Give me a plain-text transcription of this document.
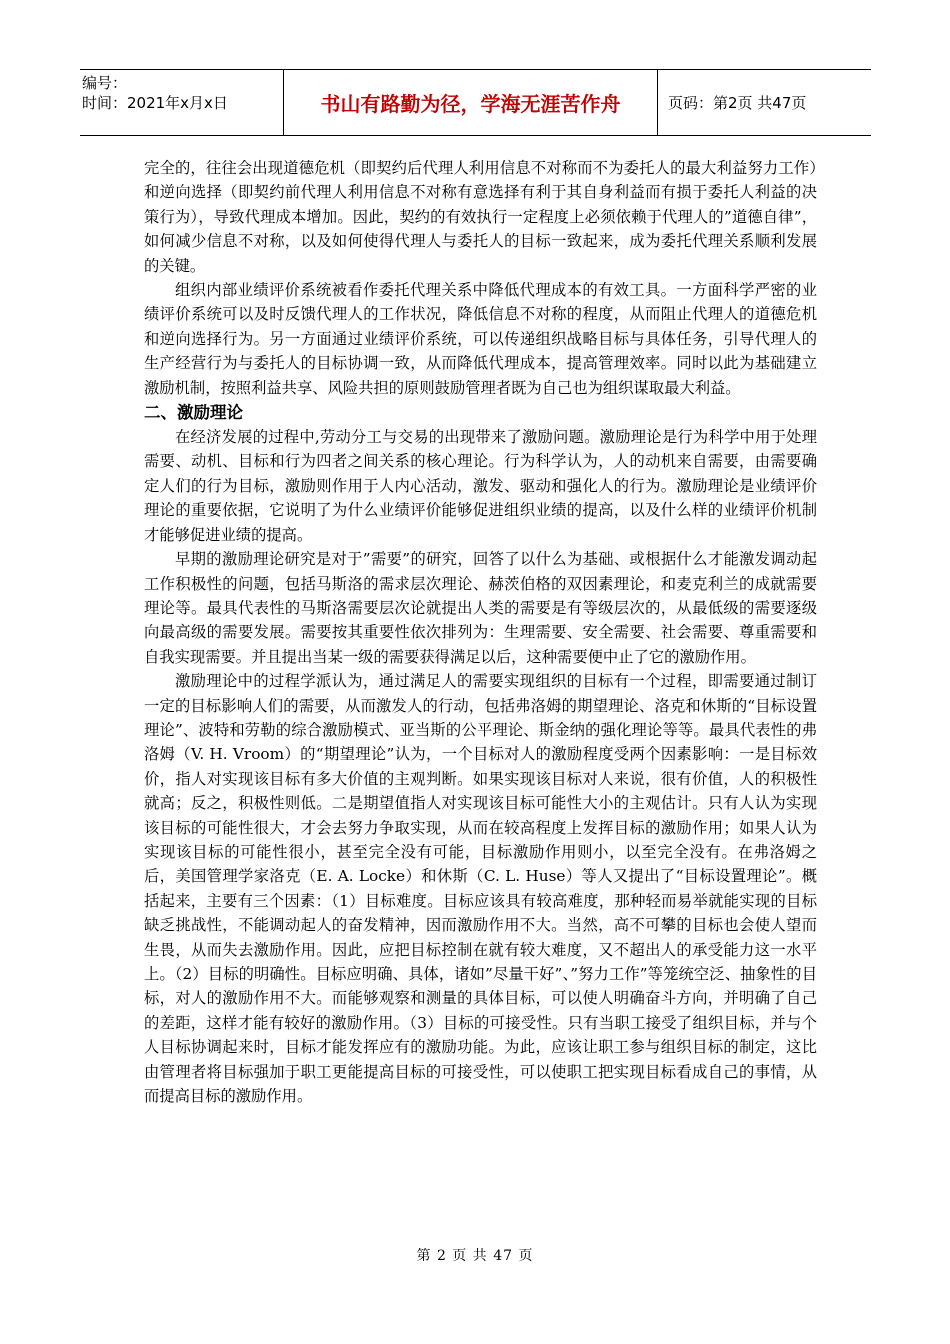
编号：
时间：2021年x月x日	书山有路勤为径，学海无涯苦作舟	页码：第2页 共47页

完全的，往往会出现道德危机（即契约后代理人利用信息不对称而不为委托人的最大利益努力工作）和逆向选择（即契约前代理人利用信息不对称有意选择有利于其自身利益而有损于委托人利益的决策行为），导致代理成本增加。因此，契约的有效执行一定程度上必须依赖于代理人的”道德自律”，如何减少信息不对称，以及如何使得代理人与委托人的目标一致起来，成为委托代理关系顺利发展的关键。

组织内部业绩评价系统被看作委托代理关系中降低代理成本的有效工具。一方面科学严密的业绩评价系统可以及时反馈代理人的工作状况，降低信息不对称的程度，从而阻止代理人的道德危机和逆向选择行为。另一方面通过业绩评价系统，可以传递组织战略目标与具体任务，引导代理人的生产经营行为与委托人的目标协调一致，从而降低代理成本，提高管理效率。同时以此为基础建立激励机制，按照利益共享、风险共担的原则鼓励管理者既为自己也为组织谋取最大利益。

二、激励理论

在经济发展的过程中,劳动分工与交易的出现带来了激励问题。激励理论是行为科学中用于处理需要、动机、目标和行为四者之间关系的核心理论。行为科学认为，人的动机来自需要，由需要确定人们的行为目标，激励则作用于人内心活动，激发、驱动和强化人的行为。激励理论是业绩评价理论的重要依据，它说明了为什么业绩评价能够促进组织业绩的提高，以及什么样的业绩评价机制才能够促进业绩的提高。

早期的激励理论研究是对于”需要”的研究，回答了以什么为基础、或根据什么才能激发调动起工作积极性的问题，包括马斯洛的需求层次理论、赫茨伯格的双因素理论，和麦克利兰的成就需要理论等。最具代表性的马斯洛需要层次论就提出人类的需要是有等级层次的，从最低级的需要逐级向最高级的需要发展。需要按其重要性依次排列为：生理需要、安全需要、社会需要、尊重需要和自我实现需要。并且提出当某一级的需要获得满足以后，这种需要便中止了它的激励作用。

激励理论中的过程学派认为，通过满足人的需要实现组织的目标有一个过程，即需要通过制订一定的目标影响人们的需要，从而激发人的行动，包括弗洛姆的期望理论、洛克和休斯的“目标设置理论”、波特和劳勒的综合激励模式、亚当斯的公平理论、斯金纳的强化理论等等。最具代表性的弗洛姆（V. H. Vroom）的“期望理论”认为，一个目标对人的激励程度受两个因素影响：一是目标效价，指人对实现该目标有多大价值的主观判断。如果实现该目标对人来说，很有价值，人的积极性就高；反之，积极性则低。二是期望值指人对实现该目标可能性大小的主观估计。只有人认为实现该目标的可能性很大，才会去努力争取实现，从而在较高程度上发挥目标的激励作用；如果人认为实现该目标的可能性很小，甚至完全没有可能，目标激励作用则小，以至完全没有。在弗洛姆之后，美国管理学家洛克（E. A. Locke）和休斯（C. L. Huse）等人又提出了“目标设置理论”。概括起来，主要有三个因素：（1）目标难度。目标应该具有较高难度，那种轻而易举就能实现的目标缺乏挑战性，不能调动起人的奋发精神，因而激励作用不大。当然，高不可攀的目标也会使人望而生畏，从而失去激励作用。因此，应把目标控制在就有较大难度，又不超出人的承受能力这一水平上。（2）目标的明确性。目标应明确、具体，诸如”尽量干好”、”努力工作”等笼统空泛、抽象性的目标，对人的激励作用不大。而能够观察和测量的具体目标，可以使人明确奋斗方向，并明确了自己的差距，这样才能有较好的激励作用。（3）目标的可接受性。只有当职工接受了组织目标，并与个人目标协调起来时，目标才能发挥应有的激励功能。为此，应该让职工参与组织目标的制定，这比由管理者将目标强加于职工更能提高目标的可接受性，可以使职工把实现目标看成自己的事情，从而提高目标的激励作用。

第 2 页 共 47 页
